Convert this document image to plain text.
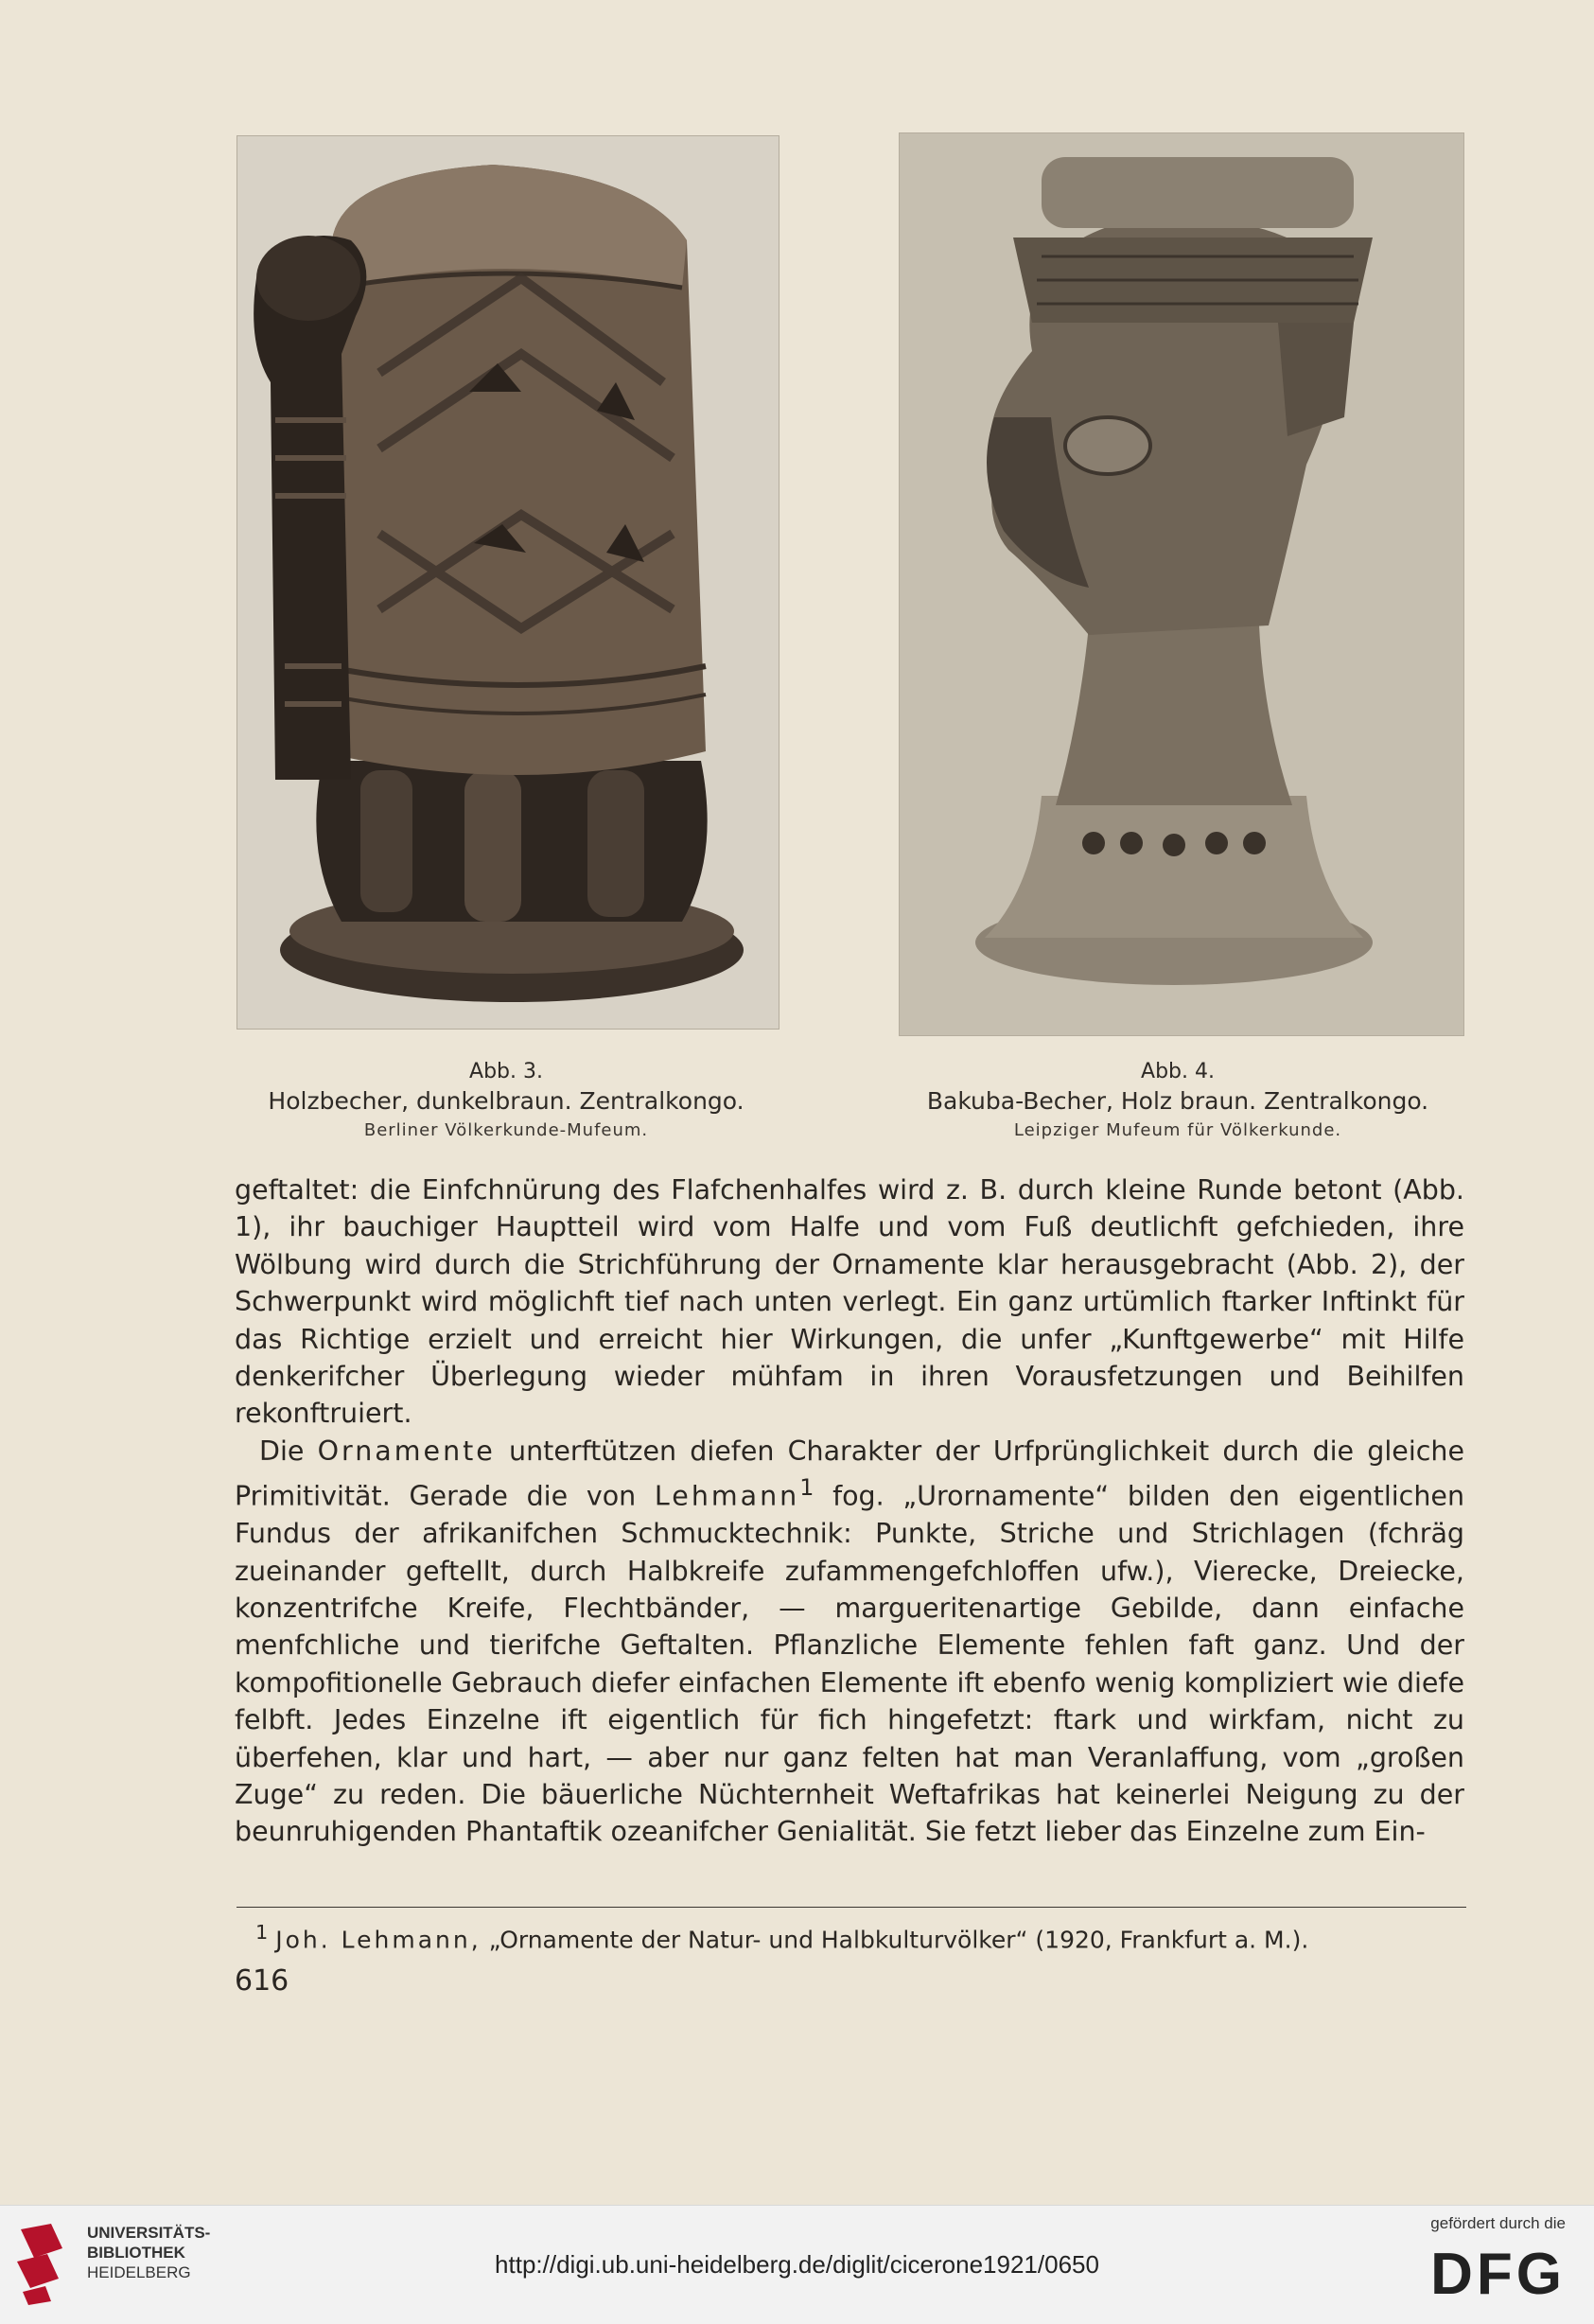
Abb. 3.
Holzbecher, dunkelbraun. Zentralkongo.
Berliner Völkerkunde-Mufeum.
Abb. 4.
Bakuba-Becher, Holz braun. Zentralkongo.
Leipziger Mufeum für Völkerkunde.

geftaltet: die Einfchnürung des Flafchenhalfes wird z. B. durch kleine Runde betont (Abb. 1), ihr bauchiger Hauptteil wird vom Halfe und vom Fuß deutlichft gefchieden, ihre Wölbung wird durch die Strichführung der Ornamente klar herausgebracht (Abb. 2), der Schwerpunkt wird möglichft tief nach unten verlegt. Ein ganz urtümlich ftarker Inftinkt für das Richtige erzielt und erreicht hier Wirkungen, die unfer „Kunftgewerbe“ mit Hilfe denkerifcher Überlegung wieder mühfam in ihren Vorausfetzungen und Beihilfen rekonftruiert.

Die Ornamente unterftützen diefen Charakter der Urfprünglichkeit durch die gleiche Primitivität. Gerade die von Lehmann$^1$ fog. „Urornamente“ bilden den eigentlichen Fundus der afrikanifchen Schmucktechnik: Punkte, Striche und Strichlagen (fchräg zueinander geftellt, durch Halbkreife zufammengefchloffen ufw.), Vierecke, Dreiecke, konzentrifche Kreife, Flechtbänder, — margueritenartige Gebilde, dann einfache menfchliche und tierifche Geftalten. Pflanzliche Elemente fehlen faft ganz. Und der kompofitionelle Gebrauch diefer einfachen Elemente ift ebenfo wenig kompliziert wie diefe felbft. Jedes Einzelne ift eigentlich für fich hingefetzt: ftark und wirkfam, nicht zu überfehen, klar und hart, — aber nur ganz felten hat man Veranlaffung, vom „großen Zuge“ zu reden. Die bäuerliche Nüchternheit Weftafrikas hat keinerlei Neigung zu der beunruhigenden Phantaftik ozeanifcher Genialität. Sie fetzt lieber das Einzelne zum Ein-

$^1$ Joh. Lehmann, „Ornamente der Natur- und Halbkulturvölker“ (1920, Frankfurt a. M.).
616
UNIVERSITÄTS-
BIBLIOTHEK
HEIDELBERG	http://digi.ub.uni-heidelberg.de/diglit/cicerone1921/0650
gefördert durch die
DFG
